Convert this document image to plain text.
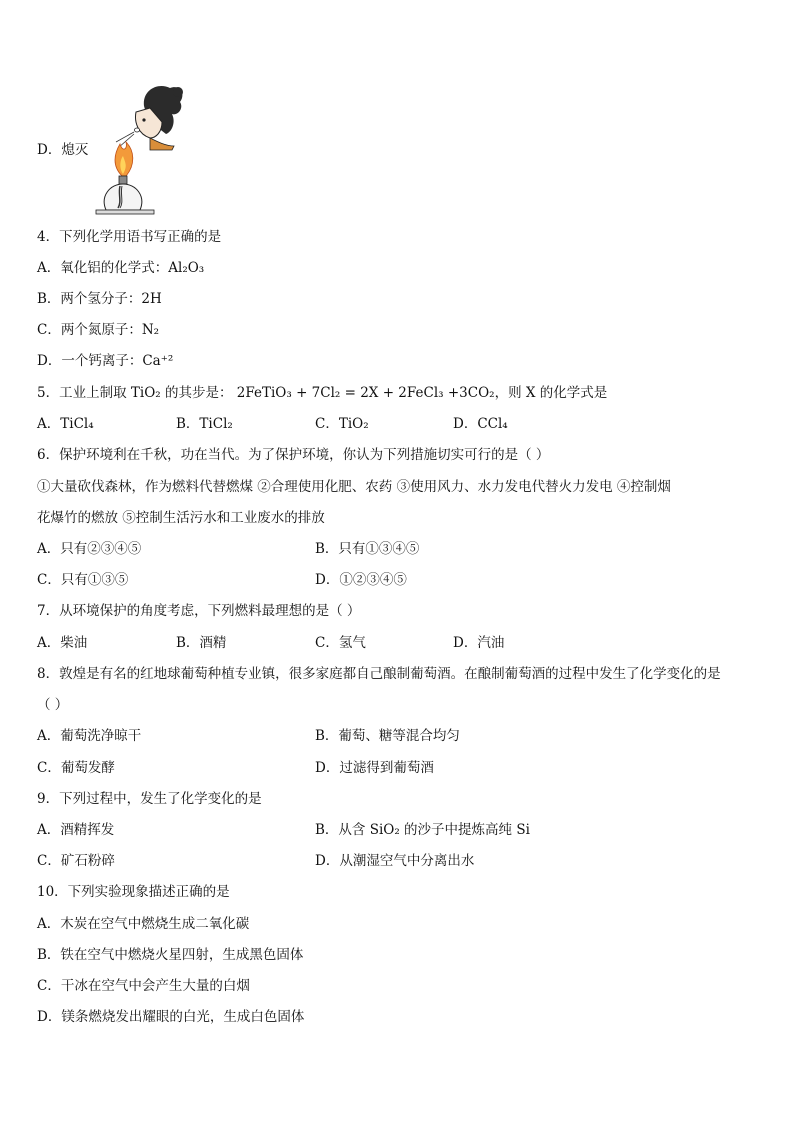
D．熄灭
4．下列化学用语书写正确的是
A．氧化铝的化学式：Al₂O₃
B．两个氢分子：2H
C．两个氮原子：N₂
D．一个钙离子：Ca⁺²
5．工业上制取 TiO₂ 的其步是： 2FeTiO₃ + 7Cl₂ = 2X + 2FeCl₃ +3CO₂，则 X 的化学式是
A．TiCl₄	B．TiCl₂	C．TiO₂	D．CCl₄
6．保护环境利在千秋，功在当代。为了保护环境，你认为下列措施切实可行的是（ ）
①大量砍伐森林，作为燃料代替燃煤 ②合理使用化肥、农药 ③使用风力、水力发电代替火力发电 ④控制烟
花爆竹的燃放 ⑤控制生活污水和工业废水的排放
A．只有②③④⑤	B．只有①③④⑤
C．只有①③⑤	D．①②③④⑤
7．从环境保护的角度考虑，下列燃料最理想的是（ ）
A．柴油	B．酒精	C．氢气	D．汽油
8．敦煌是有名的红地球葡萄种植专业镇，很多家庭都自己酿制葡萄酒。在酿制葡萄酒的过程中发生了化学变化的是
（ ）
A．葡萄洗净晾干	B．葡萄、糖等混合均匀
C．葡萄发酵	D．过滤得到葡萄酒
9．下列过程中，发生了化学变化的是
A．酒精挥发	B．从含 SiO₂ 的沙子中提炼高纯 Si
C．矿石粉碎	D．从潮湿空气中分离出水
10．下列实验现象描述正确的是
A．木炭在空气中燃烧生成二氧化碳
B．铁在空气中燃烧火星四射，生成黑色固体
C．干冰在空气中会产生大量的白烟
D．镁条燃烧发出耀眼的白光，生成白色固体
